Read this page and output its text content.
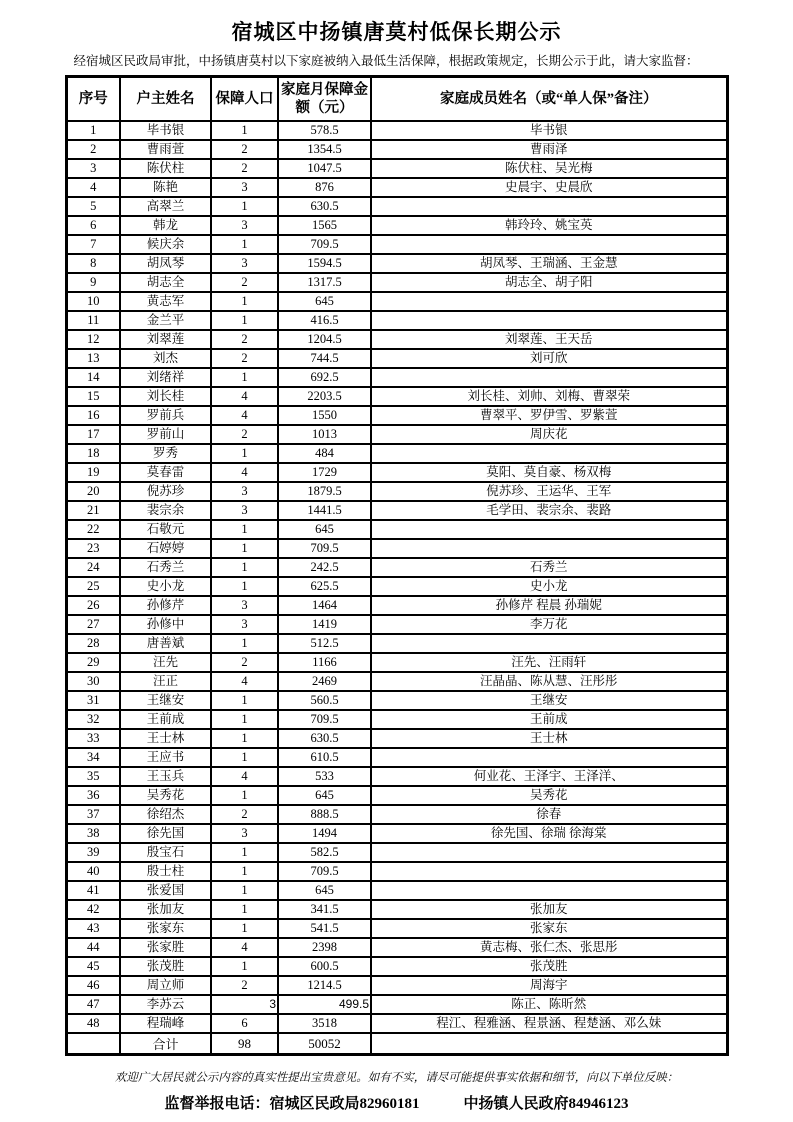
宿城区中扬镇唐莫村低保长期公示

经宿城区民政局审批，中扬镇唐莫村以下家庭被纳入最低生活保障，根据政策规定，长期公示于此，请大家监督：

序号	户主姓名	保障人口	家庭月保障金额（元）	家庭成员姓名（或“单人保”备注）
1	毕书银	1	578.5	毕书银
2	曹雨萱	2	1354.5	曹雨泽
3	陈伏柱	2	1047.5	陈伏柱、吴光梅
4	陈艳	3	876	史晨宇、史晨欣
5	高翠兰	1	630.5	
6	韩龙	3	1565	韩玲玲、姚宝英
7	候庆余	1	709.5	
8	胡凤琴	3	1594.5	胡凤琴、王瑞涵、王金慧
9	胡志全	2	1317.5	胡志全、胡子阳
10	黄志军	1	645	
11	金兰平	1	416.5	
12	刘翠莲	2	1204.5	刘翠莲、王天岳
13	刘杰	2	744.5	刘可欣
14	刘绪祥	1	692.5	
15	刘长桂	4	2203.5	刘长桂、刘帅、刘梅、曹翠荣
16	罗前兵	4	1550	曹翠平、罗伊雪、罗紫萱
17	罗前山	2	1013	周庆花
18	罗秀	1	484	
19	莫春雷	4	1729	莫阳、莫自豪、杨双梅
20	倪苏珍	3	1879.5	倪苏珍、王运华、王军
21	裴宗余	3	1441.5	毛学田、裴宗余、裴路
22	石敬元	1	645	
23	石婷婷	1	709.5	
24	石秀兰	1	242.5	石秀兰
25	史小龙	1	625.5	史小龙
26	孙修芹	3	1464	孙修芹 程晨 孙瑞妮
27	孙修中	3	1419	李万花
28	唐善斌	1	512.5	
29	汪先	2	1166	汪先、汪雨轩
30	汪正	4	2469	汪晶晶、陈从慧、汪彤彤
31	王继安	1	560.5	王继安
32	王前成	1	709.5	王前成
33	王士林	1	630.5	王士林
34	王应书	1	610.5	
35	王玉兵	4	533	何业花、王泽宇、王泽洋、
36	吴秀花	1	645	吴秀花
37	徐绍杰	2	888.5	徐春
38	徐先国	3	1494	徐先国、徐瑞 徐海棠
39	殷宝石	1	582.5	
40	殷士柱	1	709.5	
41	张爱国	1	645	
42	张加友	1	341.5	张加友
43	张家东	1	541.5	张家东
44	张家胜	4	2398	黄志梅、张仁杰、张思彤
45	张茂胜	1	600.5	张茂胜
46	周立师	2	1214.5	周海宇
47	李苏云	3	499.5	陈正、陈昕然
48	程瑞峰	6	3518	程江、程雅涵、程景涵、程楚涵、邓么妹
	合计	98	50052	

欢迎广大居民就公示内容的真实性提出宝贵意见。如有不实，请尽可能提供事实依据和细节，向以下单位反映：

监督举报电话：宿城区民政局82960181	中扬镇人民政府84946123
